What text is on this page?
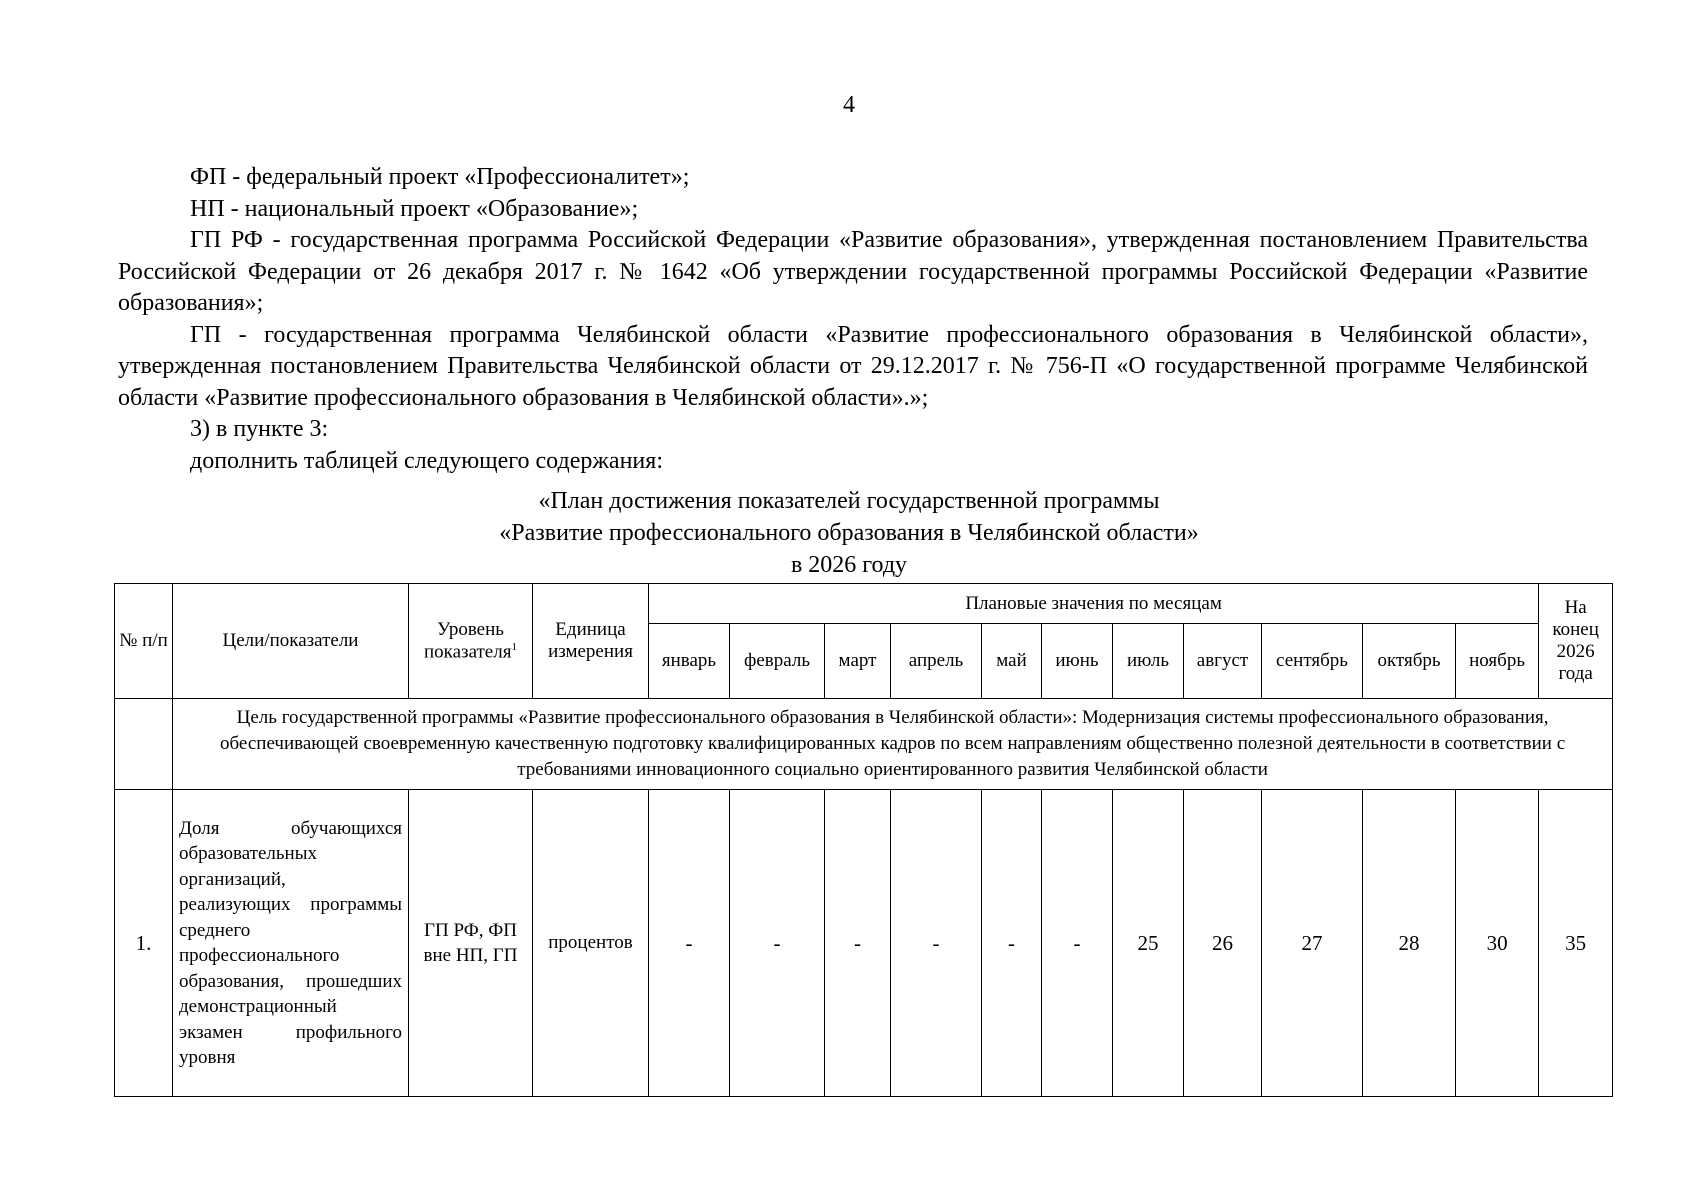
4

ФП - федеральный проект «Профессионалитет»;

НП - национальный проект «Образование»;

ГП РФ - государственная программа Российской Федерации «Развитие образования», утвержденная постановлением Правительства Российской Федерации от 26 декабря 2017 г. № 1642 «Об утверждении государственной программы Российской Федерации «Развитие образования»;

ГП - государственная программа Челябинской области «Развитие профессионального образования в Челябинской области», утвержденная постановлением Правительства Челябинской области от 29.12.2017 г. № 756-П «О государственной программе Челябинской области «Развитие профессионального образования в Челябинской области».»;

3) в пункте 3:

дополнить таблицей следующего содержания:

«План достижения показателей государственной программы
«Развитие профессионального образования в Челябинской области»
в 2026 году
№ п/п	Цели/показатели	Уровень показателя$^1$	Единица измерения	Плановые значения по месяцам											На конец 2026 года
				январь	февраль	март	апрель	май	июнь	июль	август	сентябрь	октябрь	ноябрь	
	Цель государственной программы «Развитие профессионального образования в Челябинской области»: Модернизация системы профессионального образования, обеспечивающей своевременную качественную подготовку квалифицированных кадров по всем направлениям общественно полезной деятельности в соответствии с требованиями инновационного социально ориентированного развития Челябинской области														
1.	Доля обучающихся образовательных организаций, реализующих программы среднего профессионального образования, прошедших демонстрационный экзамен профильного уровня	ГП РФ, ФП вне НП, ГП	процентов	-	-	-	-	-	-	25	26	27	28	30	35
